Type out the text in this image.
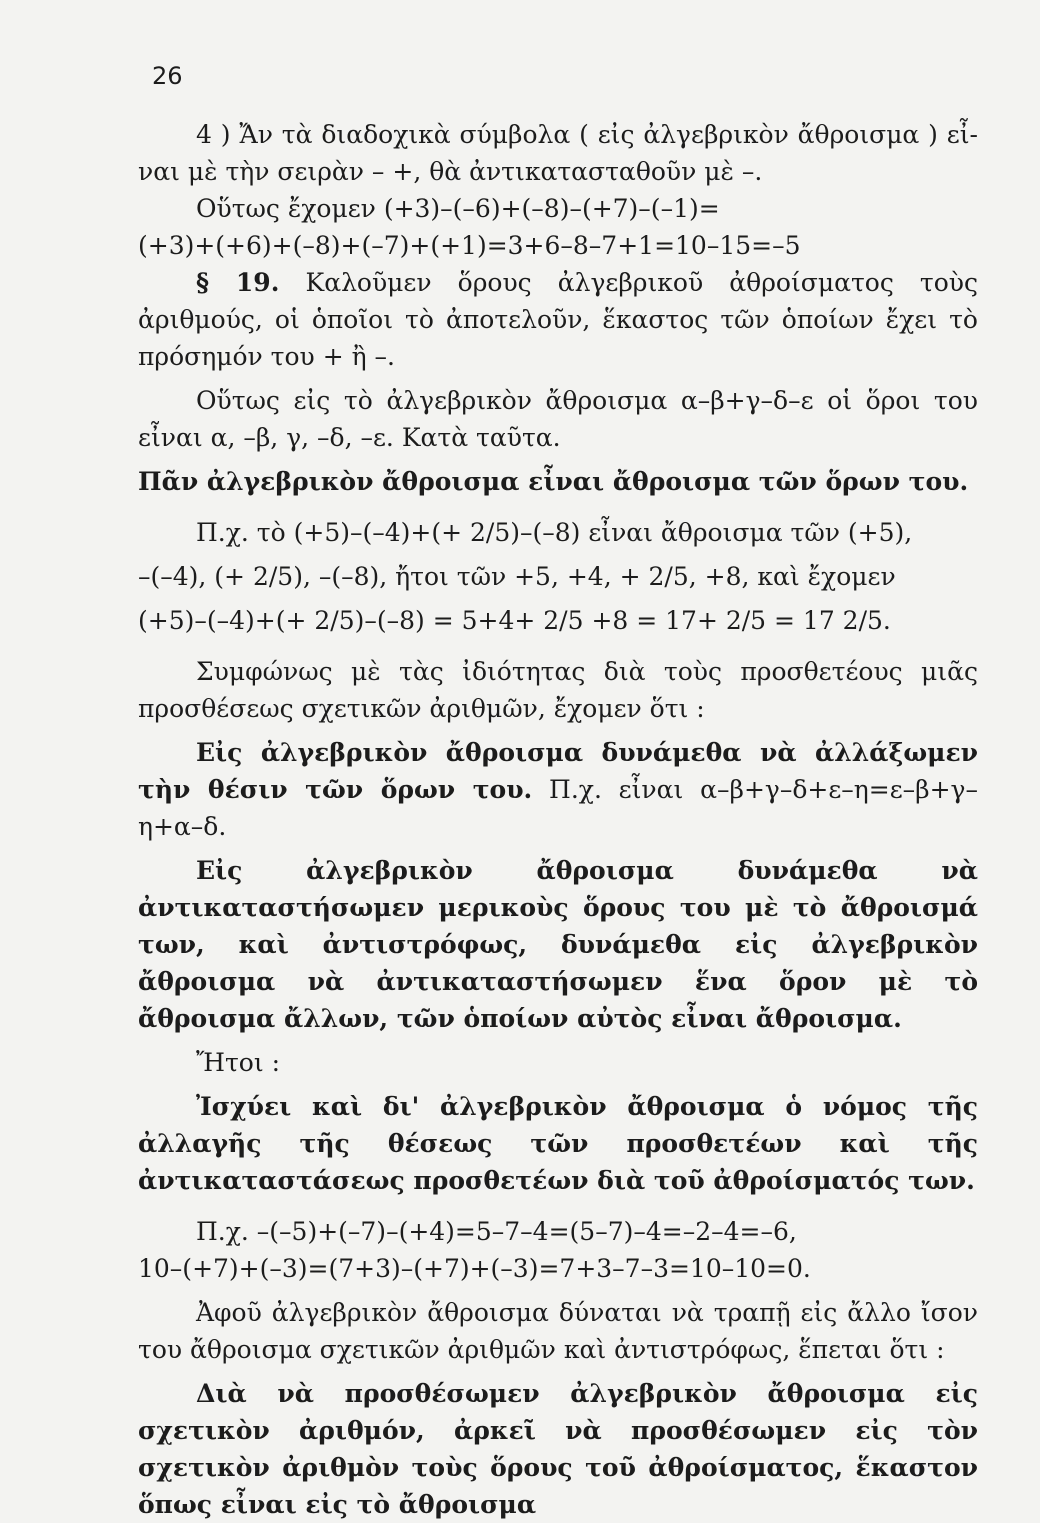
26

4 ) Ἄν τὰ διαδοχικὰ σύμβολα ( εἰς ἀλγεβρικὸν ἄθροισμα ) εἶ-ναι μὲ τὴν σειρὰν – +, θὰ ἀντικατασταθοῦν μὲ –.

Οὕτως ἔχομεν (+3)–(–6)+(–8)–(+7)–(–1)=

(+3)+(+6)+(–8)+(–7)+(+1)=3+6–8–7+1=10–15=–5

§ 19. Καλοῦμεν ὅρους ἀλγεβρικοῦ ἀθροίσματος τοὺς ἀριθμούς, οἱ ὁποῖοι τὸ ἀποτελοῦν, ἕκαστος τῶν ὁποίων ἔχει τὸ πρόσημόν του + ἢ –.

Οὕτως εἰς τὸ ἀλγεβρικὸν ἄθροισμα α–β+γ–δ–ε οἱ ὅροι του εἶναι α, –β, γ, –δ, –ε. Κατὰ ταῦτα.

Πᾶν ἀλγεβρικὸν ἄθροισμα εἶναι ἄθροισμα τῶν ὅρων του.

Π.χ. τὸ (+5)–(–4)+(+ 2/5)–(–8) εἶναι ἄθροισμα τῶν (+5),

–(–4), (+ 2/5), –(–8), ἤτοι τῶν +5, +4, + 2/5, +8, καὶ ἔχομεν

(+5)–(–4)+(+ 2/5)–(–8) = 5+4+ 2/5 +8 = 17+ 2/5 = 17 2/5.

Συμφώνως μὲ τὰς ἰδιότητας διὰ τοὺς προσθετέους μιᾶς προσθέσεως σχετικῶν ἀριθμῶν, ἔχομεν ὅτι :

Εἰς ἀλγεβρικὸν ἄθροισμα δυνάμεθα νὰ ἀλλάξωμεν τὴν θέσιν τῶν ὅρων του. Π.χ. εἶναι α–β+γ–δ+ε–η=ε–β+γ–η+α–δ.

Εἰς ἀλγεβρικὸν ἄθροισμα δυνάμεθα νὰ ἀντικαταστήσωμεν μερικοὺς ὅρους του μὲ τὸ ἄθροισμά των, καὶ ἀντιστρόφως, δυνάμεθα εἰς ἀλγεβρικὸν ἄθροισμα νὰ ἀντικαταστήσωμεν ἕνα ὅρον μὲ τὸ ἄθροισμα ἄλλων, τῶν ὁποίων αὐτὸς εἶναι ἄθροισμα.

Ἤτοι :

Ἰσχύει καὶ δι' ἀλγεβρικὸν ἄθροισμα ὁ νόμος τῆς ἀλλαγῆς τῆς θέσεως τῶν προσθετέων καὶ τῆς ἀντικαταστάσεως προσθετέων διὰ τοῦ ἀθροίσματός των.

Π.χ. –(–5)+(–7)–(+4)=5–7–4=(5–7)–4=–2–4=–6,

10–(+7)+(–3)=(7+3)–(+7)+(–3)=7+3–7–3=10–10=0.

Ἀφοῦ ἀλγεβρικὸν ἄθροισμα δύναται νὰ τραπῇ εἰς ἄλλο ἴσον του ἄθροισμα σχετικῶν ἀριθμῶν καὶ ἀντιστρόφως, ἕπεται ὅτι :

Διὰ νὰ προσθέσωμεν ἀλγεβρικὸν ἄθροισμα εἰς σχετικὸν ἀριθμόν, ἀρκεῖ νὰ προσθέσωμεν εἰς τὸν σχετικὸν ἀριθμὸν τοὺς ὅρους τοῦ ἀθροίσματος, ἕκαστον ὅπως εἶναι εἰς τὸ ἄθροισμα
